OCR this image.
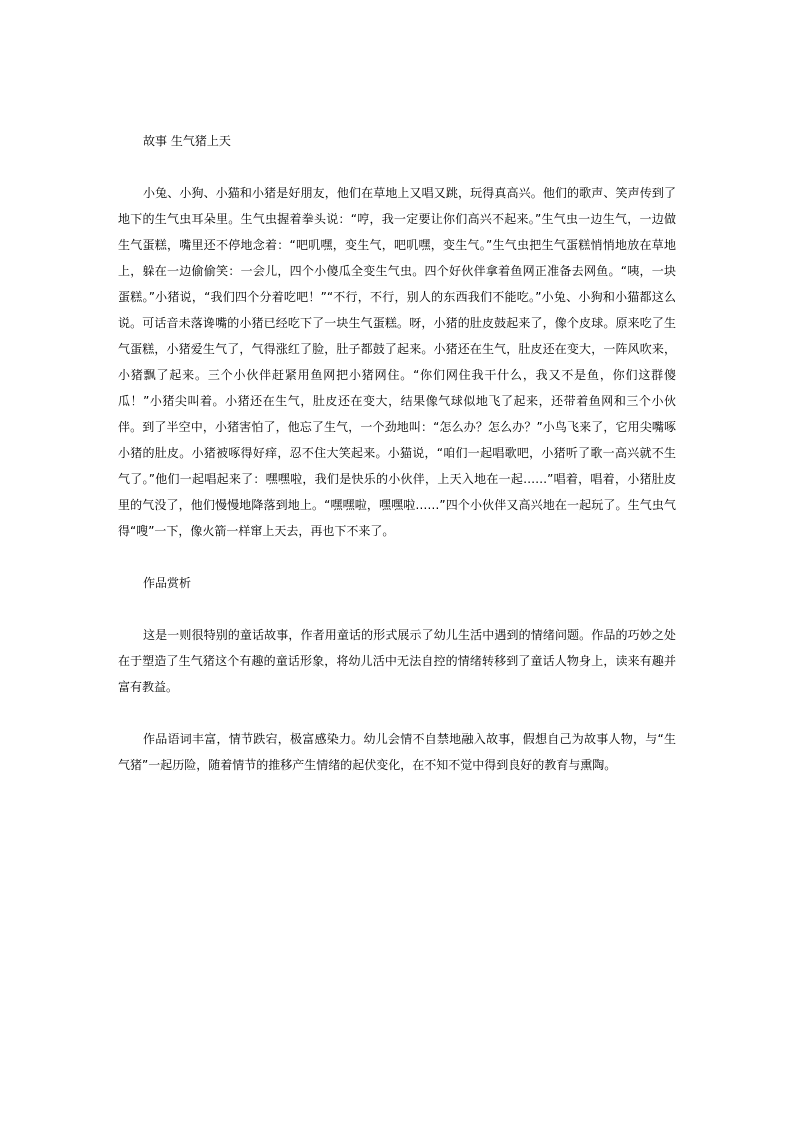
故事 生气猪上天

小兔、小狗、小猫和小猪是好朋友，他们在草地上又唱又跳，玩得真高兴。他们的歌声、笑声传到了地下的生气虫耳朵里。生气虫握着拳头说：“哼，我一定要让你们高兴不起来。”生气虫一边生气，一边做生气蛋糕，嘴里还不停地念着：“吧叽嘿，变生气，吧叽嘿，变生气。”生气虫把生气蛋糕悄悄地放在草地上，躲在一边偷偷笑：一会儿，四个小傻瓜全变生气虫。四个好伙伴拿着鱼网正准备去网鱼。“咦，一块蛋糕。”小猪说，“我们四个分着吃吧！”“不行，不行，别人的东西我们不能吃。”小兔、小狗和小猫都这么说。可话音未落谗嘴的小猪已经吃下了一块生气蛋糕。呀，小猪的肚皮鼓起来了，像个皮球。原来吃了生气蛋糕，小猪爱生气了，气得涨红了脸，肚子都鼓了起来。小猪还在生气，肚皮还在变大，一阵风吹来，小猪飘了起来。三个小伙伴赶紧用鱼网把小猪网住。“你们网住我干什么，我又不是鱼，你们这群傻瓜！”小猪尖叫着。小猪还在生气，肚皮还在变大，结果像气球似地飞了起来，还带着鱼网和三个小伙伴。到了半空中，小猪害怕了，他忘了生气，一个劲地叫：“怎么办？怎么办？”小鸟飞来了，它用尖嘴啄小猪的肚皮。小猪被啄得好痒，忍不住大笑起来。小猫说，“咱们一起唱歌吧，小猪听了歌一高兴就不生气了。”他们一起唱起来了：嘿嘿啦，我们是快乐的小伙伴，上天入地在一起……”唱着，唱着，小猪肚皮里的气没了，他们慢慢地降落到地上。“嘿嘿啦，嘿嘿啦……”四个小伙伴又高兴地在一起玩了。生气虫气得“嗖”一下，像火箭一样窜上天去，再也下不来了。

作品赏析

这是一则很特别的童话故事，作者用童话的形式展示了幼儿生活中遇到的情绪问题。作品的巧妙之处在于塑造了生气猪这个有趣的童话形象，将幼儿活中无法自控的情绪转移到了童话人物身上，读来有趣并富有教益。

作品语词丰富，情节跌宕，极富感染力。幼儿会情不自禁地融入故事，假想自己为故事人物，与“生气猪”一起历险，随着情节的推移产生情绪的起伏变化，在不知不觉中得到良好的教育与熏陶。
